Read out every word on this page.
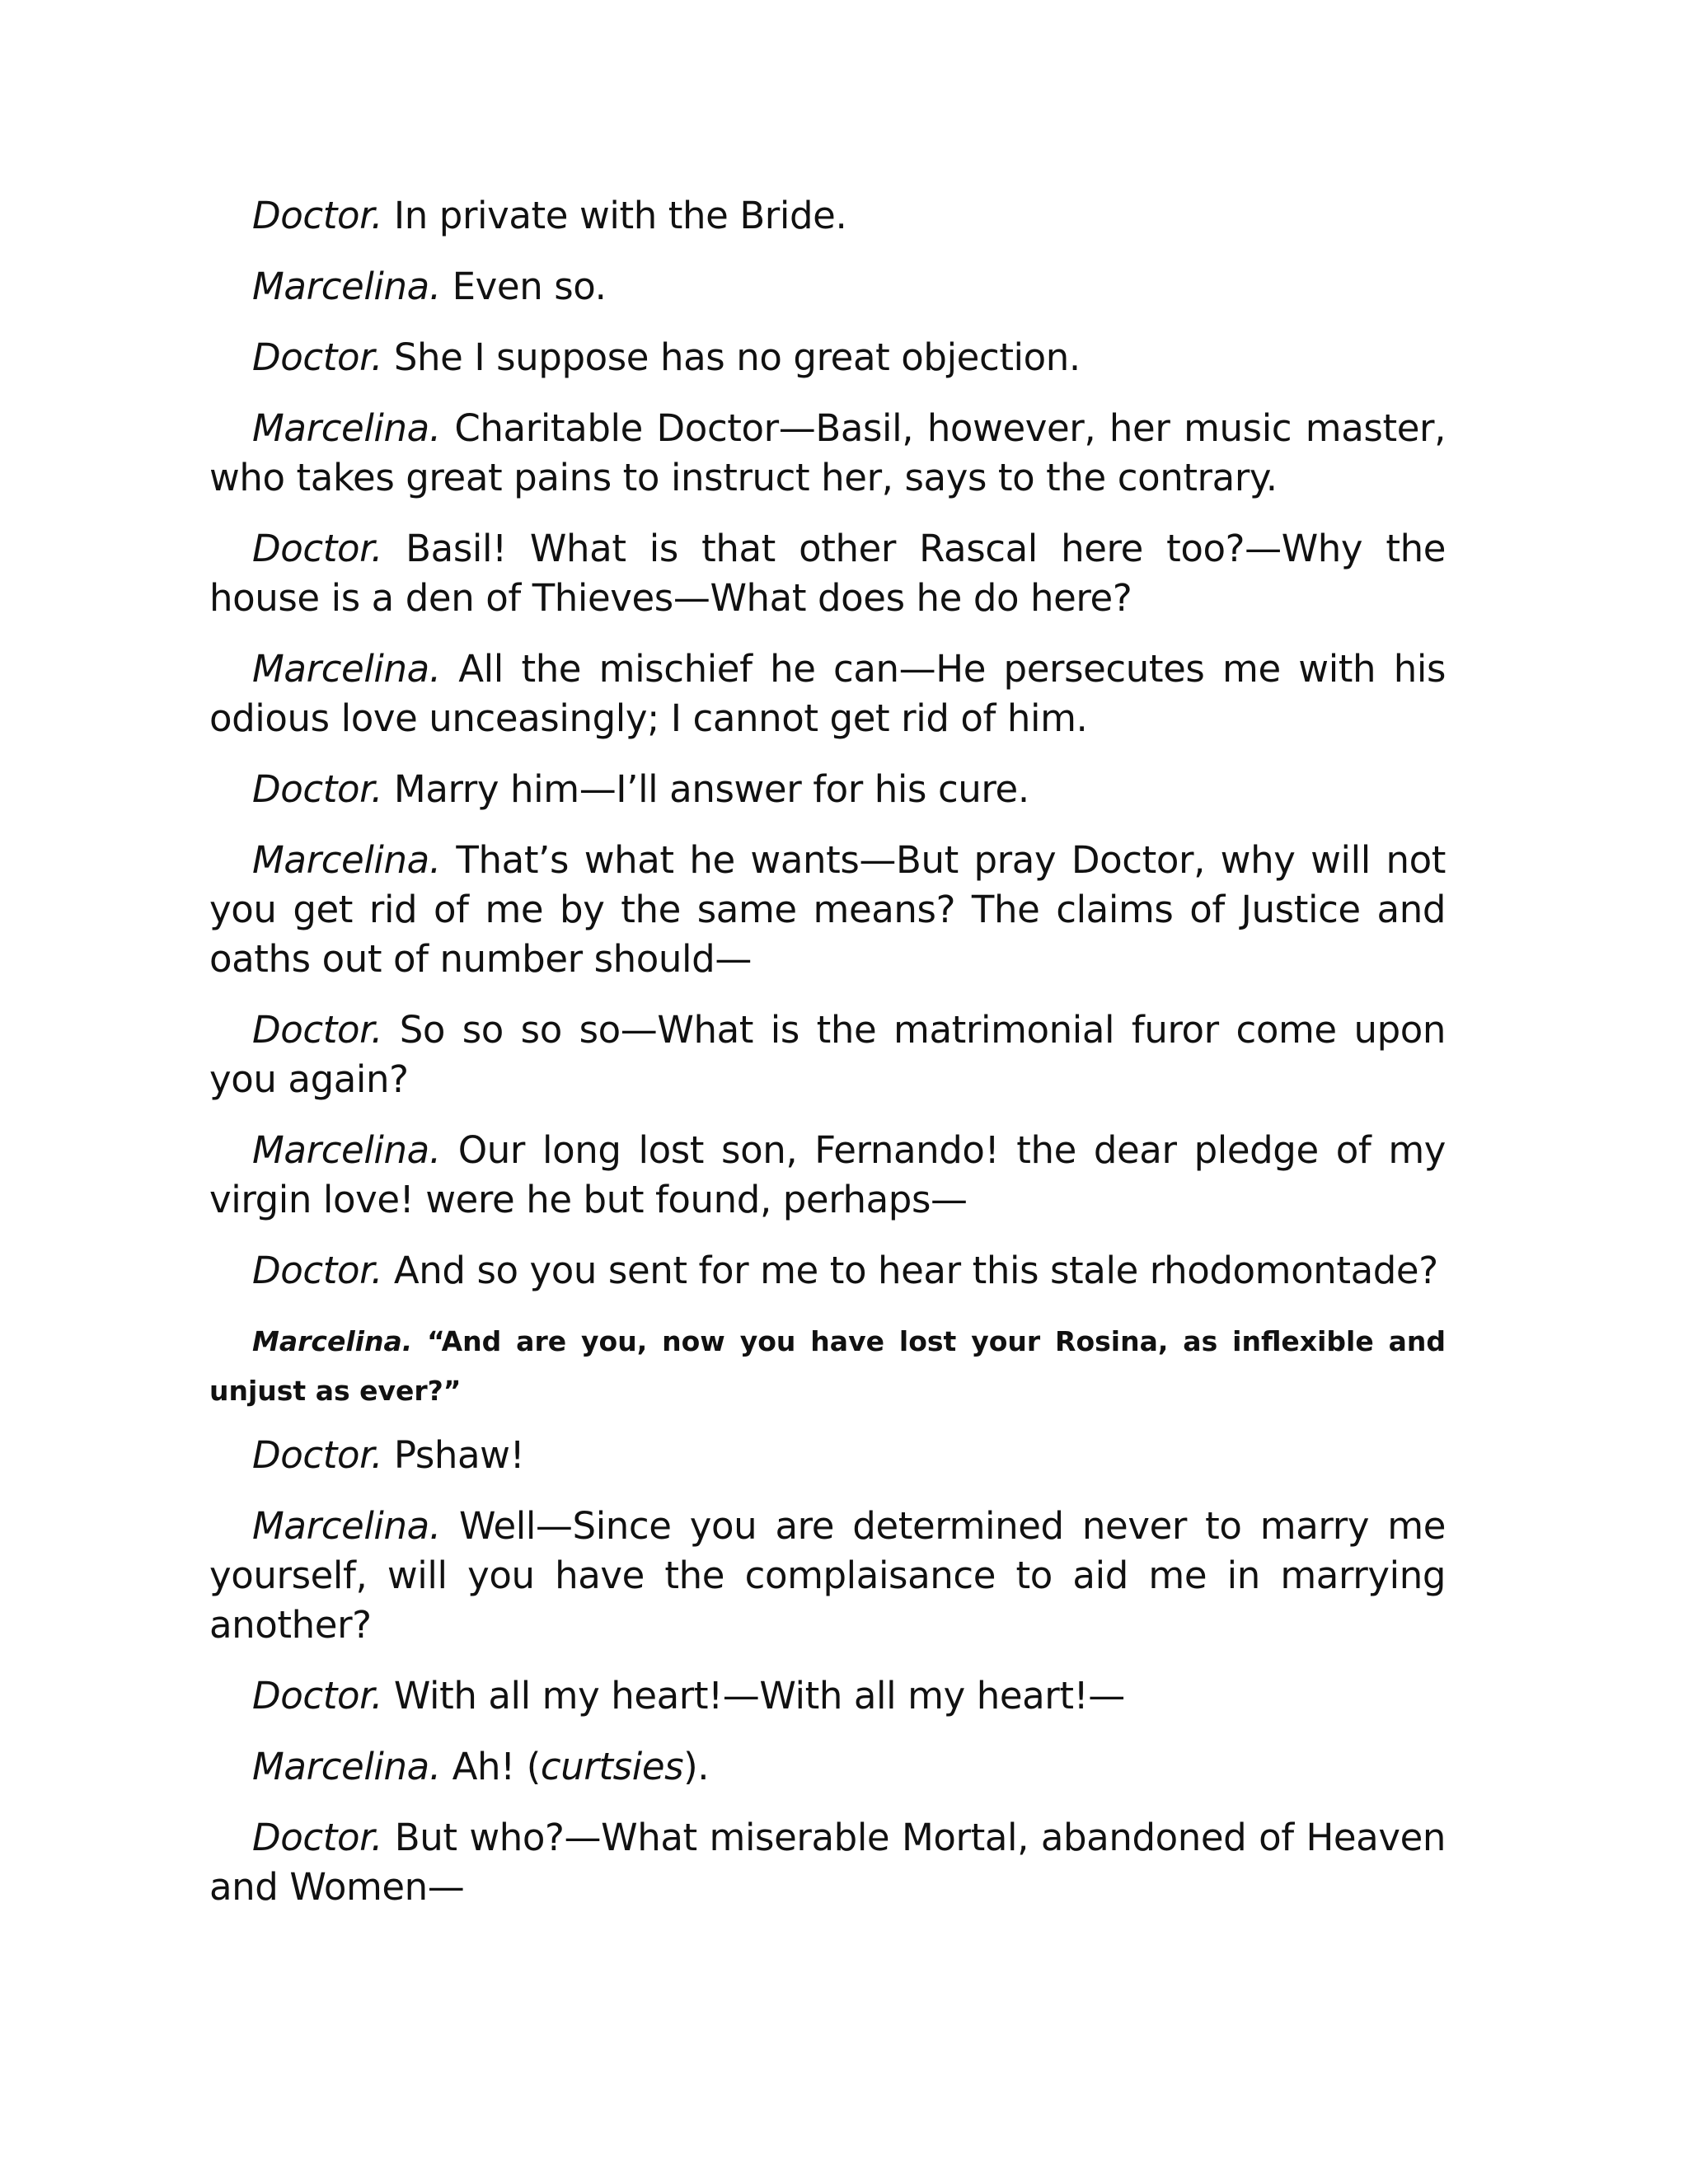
Doctor. In private with the Bride.

Marcelina. Even so.

Doctor. She I suppose has no great objection.

Marcelina. Charitable Doctor—Basil, however, her music master, who takes great pains to instruct her, says to the contrary.

Doctor. Basil! What is that other Rascal here too?—Why the house is a den of Thieves—What does he do here?

Marcelina. All the mischief he can—He persecutes me with his odious love unceasingly; I cannot get rid of him.

Doctor. Marry him—I’ll answer for his cure.

Marcelina. That’s what he wants—But pray Doctor, why will not you get rid of me by the same means? The claims of Justice and oaths out of number should—

Doctor. So so so so—What is the matrimonial furor come upon you again?

Marcelina. Our long lost son, Fernando! the dear pledge of my virgin love! were he but found, perhaps—

Doctor. And so you sent for me to hear this stale rhodomontade?

Marcelina. “And are you, now you have lost your Rosina, as inflexible and unjust as ever?”

Doctor. Pshaw!

Marcelina. Well—Since you are determined never to marry me yourself, will you have the complaisance to aid me in marrying another?

Doctor. With all my heart!—With all my heart!—

Marcelina. Ah! (curtsies).

Doctor. But who?—What miserable Mortal, abandoned of Heaven and Women—
